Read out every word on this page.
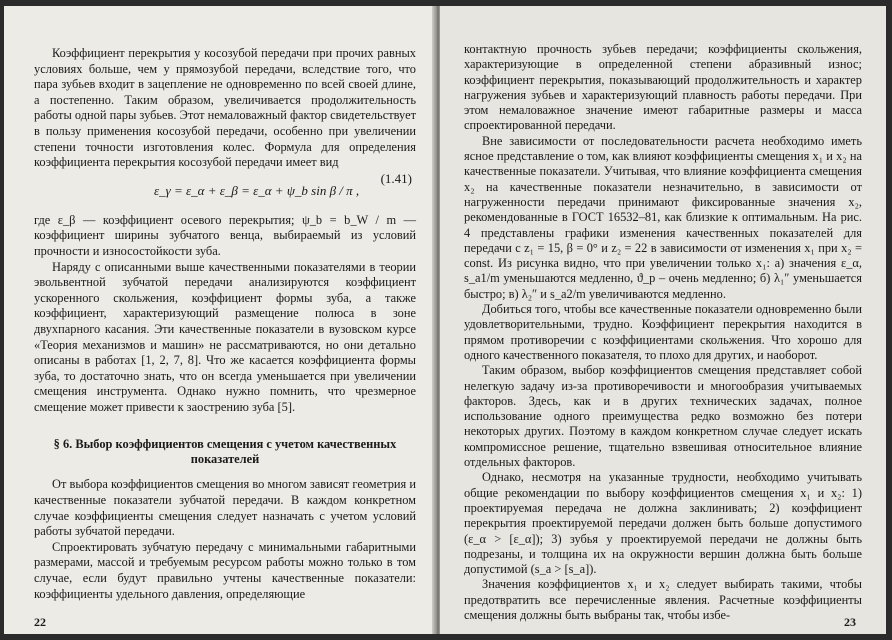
Коэффициент перекрытия у косозубой передачи при прочих равных условиях больше, чем у прямозубой передачи, вследствие того, что пара зубьев входит в зацепление не одновременно по всей своей длине, а постепенно. Таким образом, увеличивается продолжительность работы одной пары зубьев. Этот немаловажный фактор свидетельствует в пользу применения косозубой передачи, особенно при увеличении степени точности изготовления колес. Формула для определения коэффициента перекрытия косозубой передачи имеет вид

ε_γ = ε_α + ε_β = ε_α + ψ_b sin β / π ,
(1.41)

где ε_β — коэффициент осевого перекрытия; ψ_b = b_W / m — коэффициент ширины зубчатого венца, выбираемый из условий прочности и износостойкости зуба.

Наряду с описанными выше качественными показателями в теории эвольвентной зубчатой передачи анализируются коэффициент ускоренного скольжения, коэффициент формы зуба, а также коэффициент, характеризующий размещение полюса в зоне двухпарного касания. Эти качественные показатели в вузовском курсе «Теория механизмов и машин» не рассматриваются, но они детально описаны в работах [1, 2, 7, 8]. Что же касается коэффициента формы зуба, то достаточно знать, что он всегда уменьшается при увеличении смещения инструмента. Однако нужно помнить, что чрезмерное смещение может привести к заострению зуба [5].

§ 6. Выбор коэффициентов смещения с учетом качественных показателей

От выбора коэффициентов смещения во многом зависят геометрия и качественные показатели зубчатой передачи. В каждом конкретном случае коэффициенты смещения следует назначать с учетом условий работы зубчатой передачи.

Спроектировать зубчатую передачу с минимальными габаритными размерами, массой и требуемым ресурсом работы можно только в том случае, если будут правильно учтены качественные показатели: коэффициенты удельного давления, определяющие

22

контактную прочность зубьев передачи; коэффициенты скольжения, характеризующие в определенной степени абразивный износ; коэффициент перекрытия, показывающий продолжительность и характер нагружения зубьев и характеризующий плавность работы передачи. При этом немаловажное значение имеют габаритные размеры и масса спроектированной передачи.

Вне зависимости от последовательности расчета необходимо иметь ясное представление о том, как влияют коэффициенты смещения x₁ и x₂ на качественные показатели. Учитывая, что влияние коэффициента смещения x₂ на качественные показатели незначительно, в зависимости от нагруженности передачи принимают фиксированные значения x₂, рекомендованные в ГОСТ 16532–81, как близкие к оптимальным. На рис. 4 представлены графики изменения качественных показателей для передачи с z₁ = 15, β = 0° и z₂ = 22 в зависимости от изменения x₁ при x₂ = const. Из рисунка видно, что при увеличении только x₁: а) значения ε_α, s_a1/m уменьшаются медленно, ϑ_p – очень медленно; б) λ₁″ уменьшается быстро; в) λ₂″ и s_a2/m увеличиваются медленно.

Добиться того, чтобы все качественные показатели одновременно были удовлетворительными, трудно. Коэффициент перекрытия находится в прямом противоречии с коэффициентами скольжения. Что хорошо для одного качественного показателя, то плохо для других, и наоборот.

Таким образом, выбор коэффициентов смещения представляет собой нелегкую задачу из-за противоречивости и многообразия учитываемых факторов. Здесь, как и в других технических задачах, полное использование одного преимущества редко возможно без потери некоторых других. Поэтому в каждом конкретном случае следует искать компромиссное решение, тщательно взвешивая относительное влияние отдельных факторов.

Однако, несмотря на указанные трудности, необходимо учитывать общие рекомендации по выбору коэффициентов смещения x₁ и x₂: 1) проектируемая передача не должна заклинивать; 2) коэффициент перекрытия проектируемой передачи должен быть больше допустимого (ε_α > [ε_α]); 3) зубья у проектируемой передачи не должны быть подрезаны, и толщина их на окружности вершин должна быть больше допустимой (s_a > [s_a]).

Значения коэффициентов x₁ и x₂ следует выбирать такими, чтобы предотвратить все перечисленные явления. Расчетные коэффициенты смещения должны быть выбраны так, чтобы избе-

23
